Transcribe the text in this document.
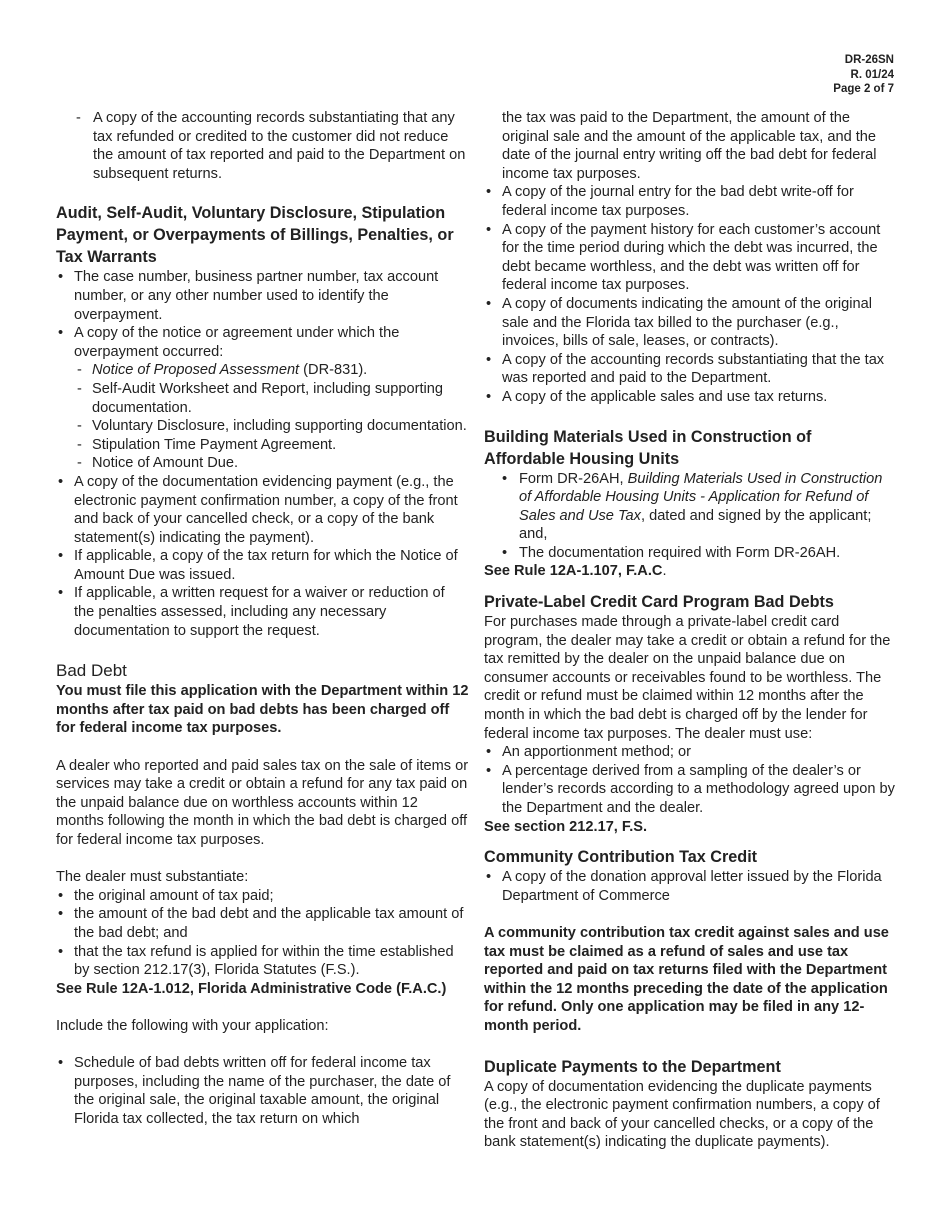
DR-26SN
R. 01/24
Page 2 of 7
- A copy of the accounting records substantiating that any tax refunded or credited to the customer did not reduce the amount of tax reported and paid to the Department on subsequent returns.
Audit, Self-Audit, Voluntary Disclosure, Stipulation Payment, or Overpayments of Billings, Penalties, or Tax Warrants
• The case number, business partner number, tax account number, or any other number used to identify the overpayment.
• A copy of the notice or agreement under which the overpayment occurred:
- Notice of Proposed Assessment (DR-831).
- Self-Audit Worksheet and Report, including supporting documentation.
- Voluntary Disclosure, including supporting documentation.
- Stipulation Time Payment Agreement.
- Notice of Amount Due.
• A copy of the documentation evidencing payment (e.g., the electronic payment confirmation number, a copy of the front and back of your cancelled check, or a copy of the bank statement(s) indicating the payment).
• If applicable, a copy of the tax return for which the Notice of Amount Due was issued.
• If applicable, a written request for a waiver or reduction of the penalties assessed, including any necessary documentation to support the request.
Bad Debt

You must file this application with the Department within 12 months after tax paid on bad debts has been charged off for federal income tax purposes.

A dealer who reported and paid sales tax on the sale of items or services may take a credit or obtain a refund for any tax paid on the unpaid balance due on worthless accounts within 12 months following the month in which the bad debt is charged off for federal income tax purposes.

The dealer must substantiate:

• the original amount of tax paid;
• the amount of the bad debt and the applicable tax amount of the bad debt; and
• that the tax refund is applied for within the time established by section 212.17(3), Florida Statutes (F.S.).

See Rule 12A-1.012, Florida Administrative Code (F.A.C.)

Include the following with your application:

• Schedule of bad debts written off for federal income tax purposes, including the name of the purchaser, the date of the original sale, the original taxable amount, the original Florida tax collected, the tax return on which

the tax was paid to the Department, the amount of the original sale and the amount of the applicable tax, and the date of the journal entry writing off the bad debt for federal income tax purposes.

• A copy of the journal entry for the bad debt write-off for federal income tax purposes.
• A copy of the payment history for each customer’s account for the time period during which the debt was incurred, the debt became worthless, and the debt was written off for federal income tax purposes.
• A copy of documents indicating the amount of the original sale and the Florida tax billed to the purchaser (e.g., invoices, bills of sale, leases, or contracts).
• A copy of the accounting records substantiating that the tax was reported and paid to the Department.
• A copy of the applicable sales and use tax returns.
Building Materials Used in Construction of Affordable Housing Units
• Form DR-26AH, Building Materials Used in Construction of Affordable Housing Units - Application for Refund of Sales and Use Tax, dated and signed by the applicant; and,
• The documentation required with Form DR-26AH.

See Rule 12A-1.107, F.A.C.

Private-Label Credit Card Program Bad Debts

For purchases made through a private-label credit card program, the dealer may take a credit or obtain a refund for the tax remitted by the dealer on the unpaid balance due on consumer accounts or receivables found to be worthless. The credit or refund must be claimed within 12 months after the month in which the bad debt is charged off by the lender for federal income tax purposes. The dealer must use:

• An apportionment method; or
• A percentage derived from a sampling of the dealer’s or lender’s records according to a methodology agreed upon by the Department and the dealer.

See section 212.17, F.S.

Community Contribution Tax Credit
• A copy of the donation approval letter issued by the Florida Department of Commerce

A community contribution tax credit against sales and use tax must be claimed as a refund of sales and use tax reported and paid on tax returns filed with the Department within the 12 months preceding the date of the application for refund. Only one application may be filed in any 12-month period.

Duplicate Payments to the Department

A copy of documentation evidencing the duplicate payments (e.g., the electronic payment confirmation numbers, a copy of the front and back of your cancelled checks, or a copy of the bank statement(s) indicating the duplicate payments).
